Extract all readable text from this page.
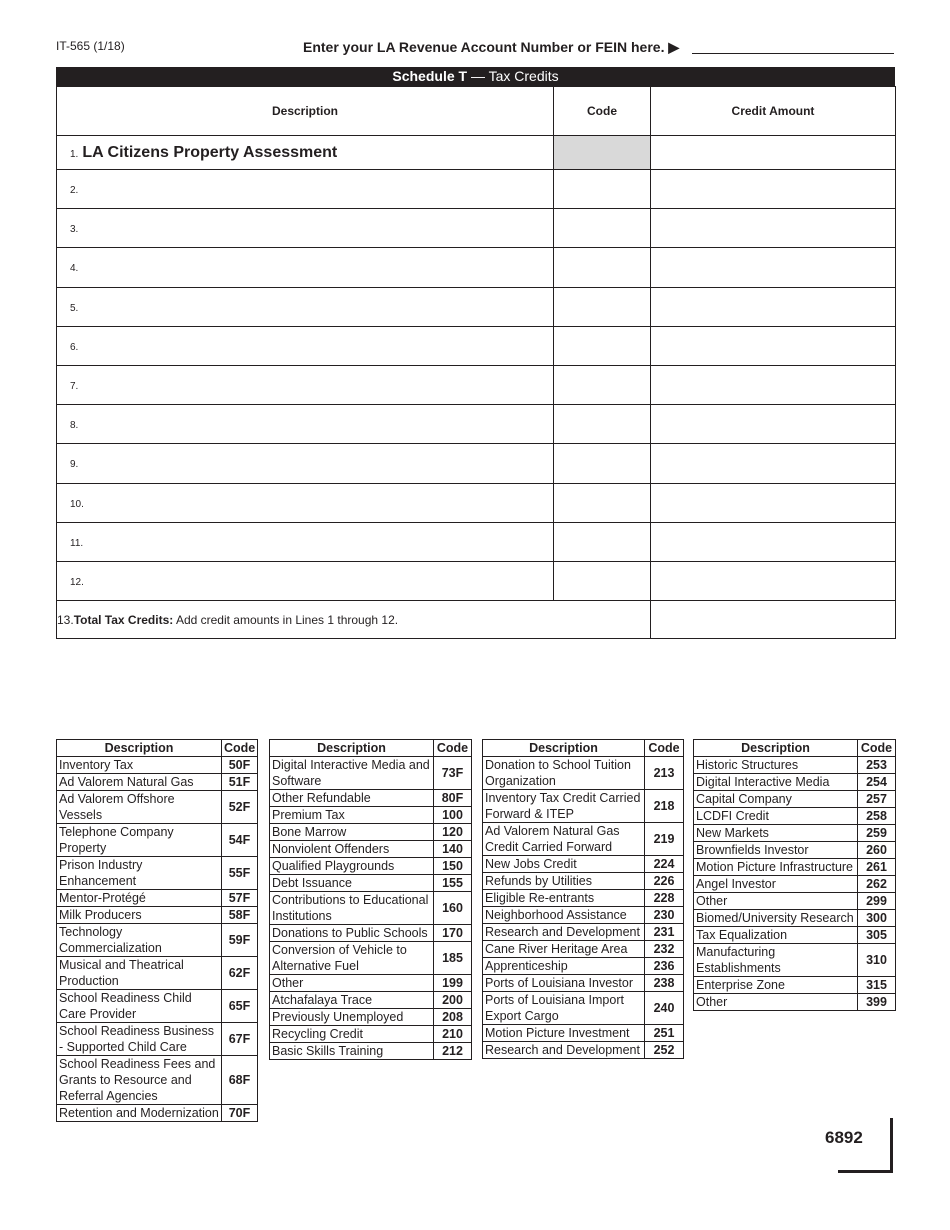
IT-565 (1/18)	Enter your LA Revenue Account Number or FEIN here. ▶
Schedule T — Tax Credits
Description	Code	Credit Amount
1. LA Citizens Property Assessment		
2.		
3.		
4.		
5.		
6.		
7.		
8.		
9.		
10.		
11.		
12.		
13.Total Tax Credits: Add credit amounts in Lines 1 through 12.		
Description	Code
Inventory Tax	50F
Ad Valorem Natural Gas	51F
Ad Valorem Offshore Vessels	52F
Telephone Company Property	54F
Prison Industry Enhancement	55F
Mentor-Protégé	57F
Milk Producers	58F
Technology Commercialization	59F
Musical and Theatrical Production	62F
School Readiness Child Care Provider	65F
School Readiness Business - Supported Child Care	67F
School Readiness Fees and Grants to Resource and Referral Agencies	68F
Retention and Modernization	70F
Description	Code
Digital Interactive Media and Software	73F
Other Refundable	80F
Premium Tax	100
Bone Marrow	120
Nonviolent Offenders	140
Qualified Playgrounds	150
Debt Issuance	155
Contributions to Educational Institutions	160
Donations to Public Schools	170
Conversion of Vehicle to Alternative Fuel	185
Other	199
Atchafalaya Trace	200
Previously Unemployed	208
Recycling Credit	210
Basic Skills Training	212
Description	Code
Donation to School Tuition Organization	213
Inventory Tax Credit Carried Forward & ITEP	218
Ad Valorem Natural Gas Credit Carried Forward	219
New Jobs Credit	224
Refunds by Utilities	226
Eligible Re-entrants	228
Neighborhood Assistance	230
Research and Development	231
Cane River Heritage Area	232
Apprenticeship	236
Ports of Louisiana Investor	238
Ports of Louisiana Import Export Cargo	240
Motion Picture Investment	251
Research and Development	252
Description	Code
Historic Structures	253
Digital Interactive Media	254
Capital Company	257
LCDFI Credit	258
New Markets	259
Brownfields Investor	260
Motion Picture Infrastructure	261
Angel Investor	262
Other	299
Biomed/University Research	300
Tax Equalization	305
Manufacturing Establishments	310
Enterprise Zone	315
Other	399
6892
